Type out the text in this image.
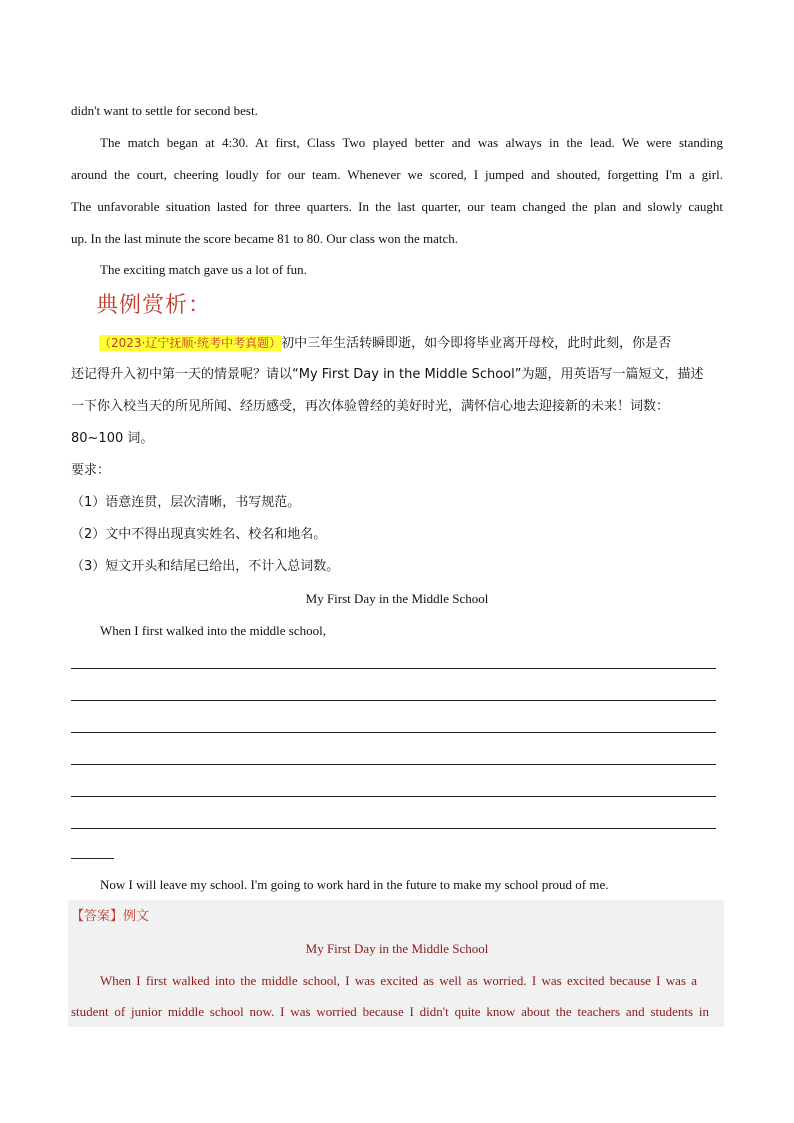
didn't want to settle for second best.
The match began at 4:30. At first, Class Two played better and was always in the lead. We were standing
around the court, cheering loudly for our team. Whenever we scored, I jumped and shouted, forgetting I'm a girl.
The unfavorable situation lasted for three quarters. In the last quarter, our team changed the plan and slowly caught
up. In the last minute the score became 81 to 80. Our class won the match.
The exciting match gave us a lot of fun.
典例赏析：
（2023·辽宁抚顺·统考中考真题）初中三年生活转瞬即逝，如今即将毕业离开母校，此时此刻，你是否
还记得升入初中第一天的情景呢？请以“My First Day in the Middle School”为题，用英语写一篇短文，描述
一下你入校当天的所见所闻、经历感受，再次体验曾经的美好时光，满怀信心地去迎接新的未来！词数：
80~100 词。
要求：
（1）语意连贯，层次清晰，书写规范。
（2）文中不得出现真实姓名、校名和地名。
（3）短文开头和结尾已给出，不计入总词数。
My First Day in the Middle School
When I first walked into the middle school,
Now I will leave my school. I'm going to work hard in the future to make my school proud of me.
【答案】例文
My First Day in the Middle School
When I first walked into the middle school, I was excited as well as worried. I was excited because I was a
student of junior middle school now. I was worried because I didn't quite know about the teachers and students in
